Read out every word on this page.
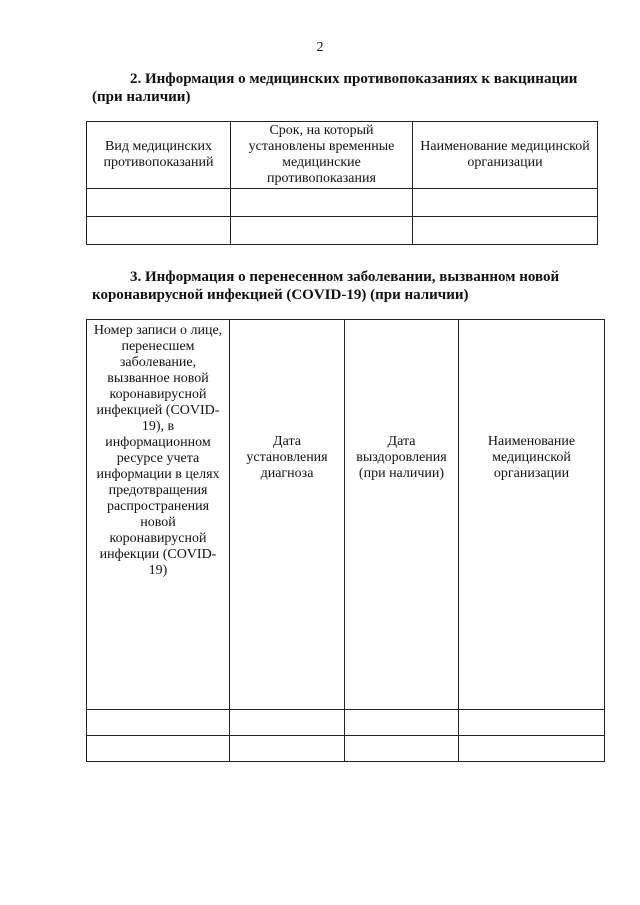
2
2. Информация о медицинских противопоказаниях к вакцинации (при наличии)
Вид медицинских противопоказаний	Срок, на который установлены временные медицинские противопоказания	Наименование медицинской организации

3. Информация о перенесенном заболевании, вызванном новой коронавирусной инфекцией (COVID-19) (при наличии)
Номер записи о лице, перенесшем заболевание, вызванное новой коронавирусной инфекцией (COVID-19), в информационном ресурсе учета информации в целях предотвращения распространения новой коронавирусной инфекции (COVID-19)	Дата установления диагноза	Дата выздоровления (при наличии)	Наименование медицинской организации
